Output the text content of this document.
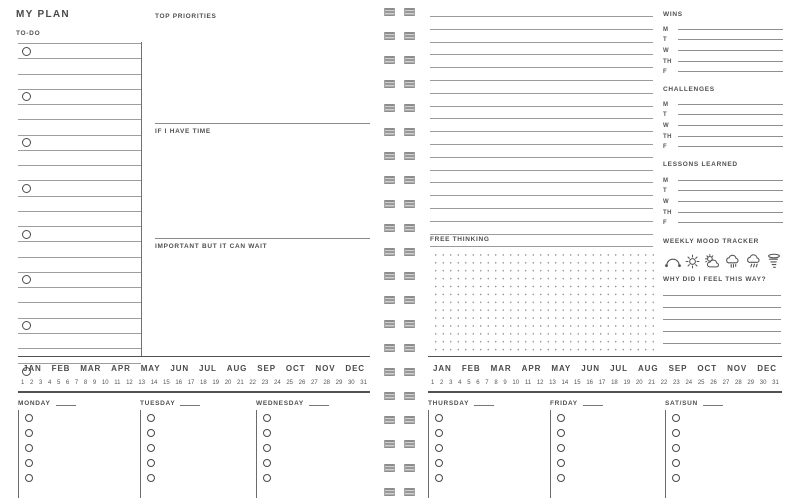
MY PLAN
TO-DO
TOP PRIORITIES
IF I HAVE TIME
IMPORTANT BUT IT CAN WAIT
JAN FEB MAR APR MAY JUN JUL AUG SEP OCT NOV DEC
1 2 3 4 5 6 7 8 9 10 11 12 13 14 15 16 17 18 19 20 21 22 23 24 25 26 27 28 29 30 31
MONDAY	TUESDAY	WEDNESDAY
FREE THINKING
WINS
M
T
W
TH
F
CHALLENGES
M
T
W
TH
F
LESSONS LEARNED
M
T
W
TH
F
WEEKLY MOOD TRACKER
WHY DID I FEEL THIS WAY?
JAN FEB MAR APR MAY JUN JUL AUG SEP OCT NOV DEC
1 2 3 4 5 6 7 8 9 10 11 12 13 14 15 16 17 18 19 20 21 22 23 24 25 26 27 28 29 30 31
THURSDAY	FRIDAY	SAT/SUN
